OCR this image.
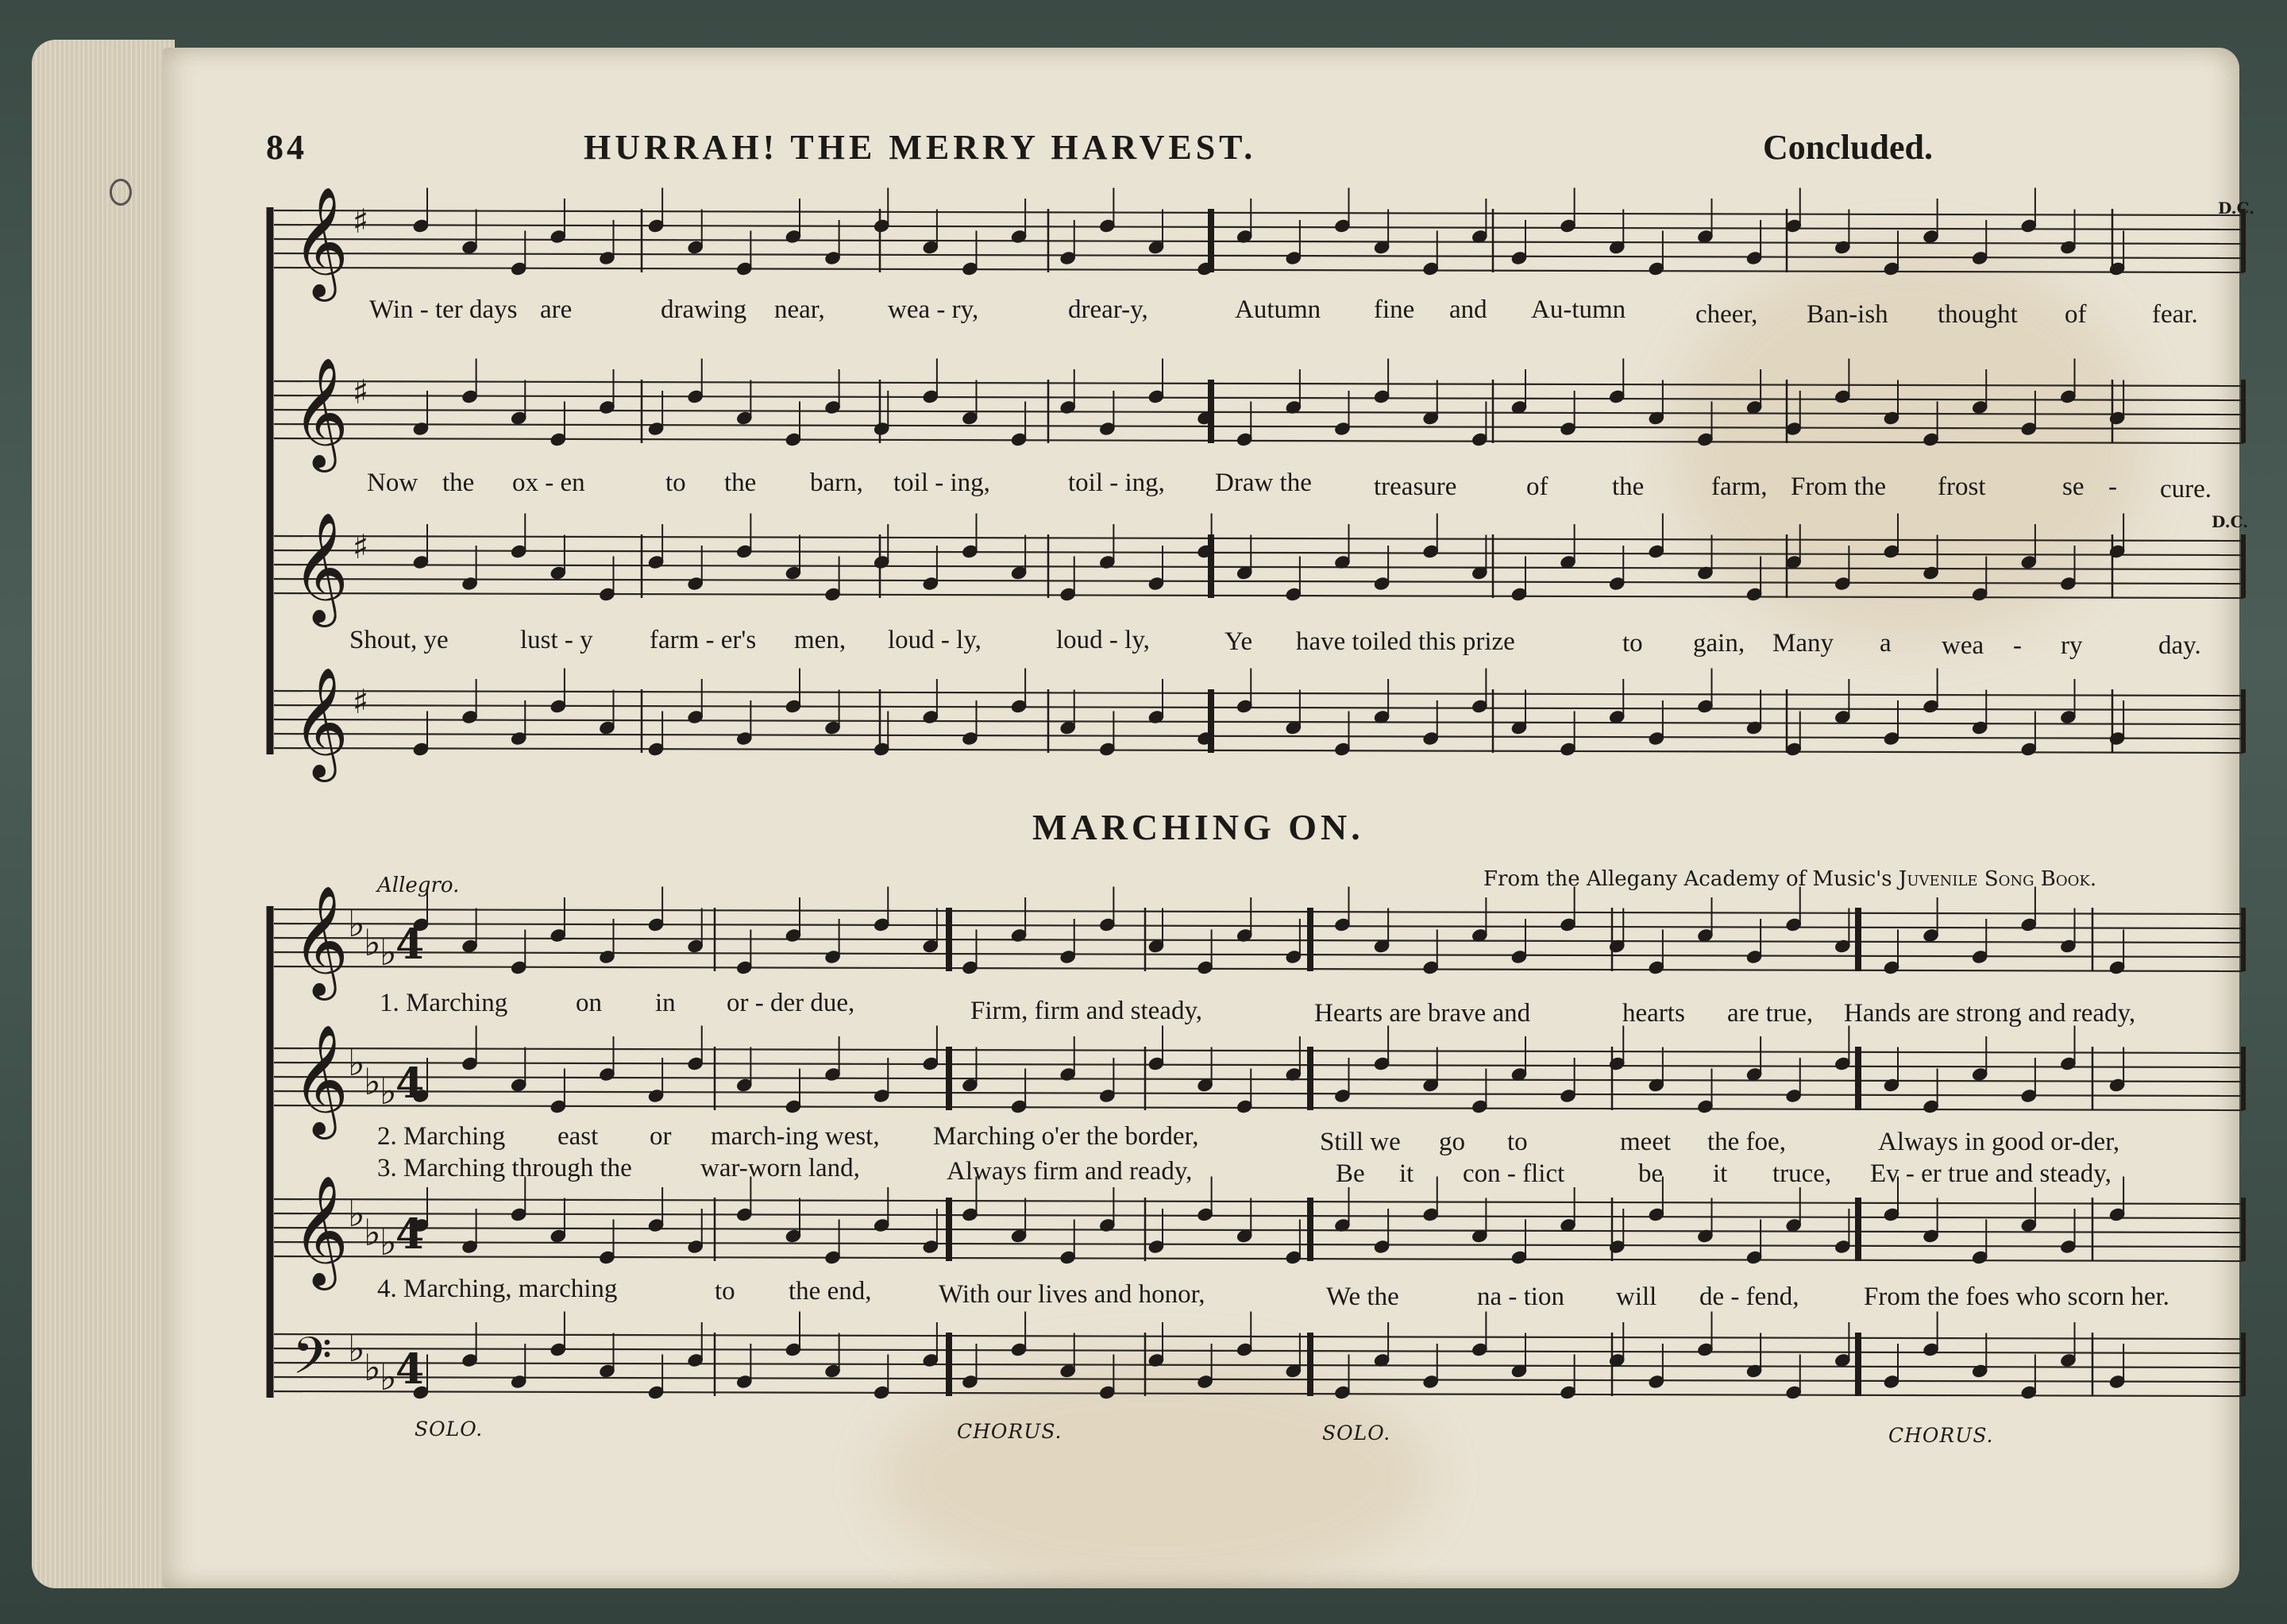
84	HURRAH! THE MERRY HARVEST.	Concluded.
𝄞 ♯
𝄞 ♯
𝄞 ♯
𝄞 ♯
𝄞 ♭
♭
♭
4
𝄞 ♭
♭
♭
4
𝄞 ♭
♭
♭
4
𝄢 ♭
♭
♭
4
D.C.
D.C.
Win - ter days are	drawing near, wea - ry,	drear-y,	Autumn fine and Au-tumn	cheer, Ban-ish thought of	fear.
Now the ox - en	to the barn, toil - ing,	toil - ing, Draw the treasure	of the	farm, From the frost	se - cure.
Shout, ye	lust - y farm - er's men, loud - ly,	loud - ly,	Ye have toiled this prize	to gain, Many a wea - ry	day.
MARCHING ON.
Allegro.	From the Allegany Academy of Music's Juvenile Song Book.
1. Marching	on in or - der due,	Firm, firm and steady,	Hearts are brave and	hearts are true, Hands are strong and ready,
2. Marching east or march-ing west, Marching o'er the border,	Still we go to	meet the foe,	Always in good or-der,
3. Marching through the	war-worn land,	Always firm and ready,	Be it con - flict	be it truce, Ev - er true and steady,
4. Marching, marching	to the end,	With our lives and honor,	We the	na - tion will de - fend, From the foes who scorn her.
SOLO.	CHORUS.	SOLO.	CHORUS.
